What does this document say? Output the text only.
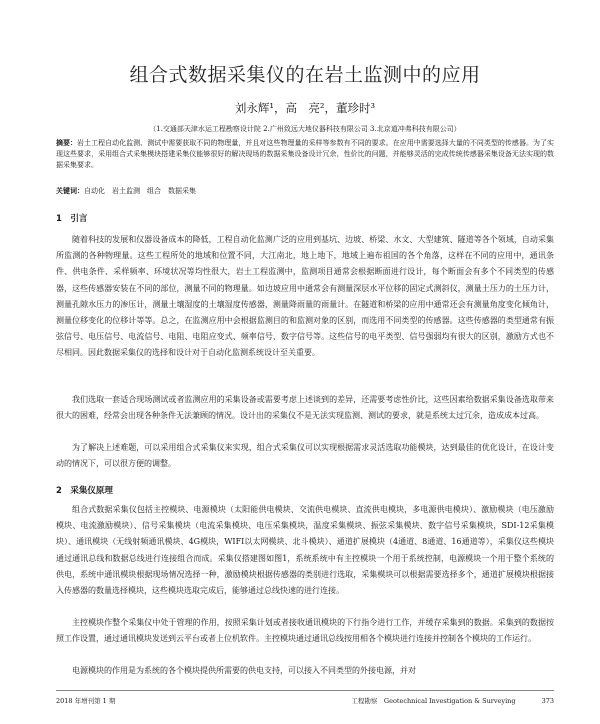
组合式数据采集仪的在岩土监测中的应用
刘永辉¹，高　亮²，董珍时³
（1.交通部天津水运工程勘察设计院 2.广州致远大地仪器科技有限公司 3.北京道冲弗科技有限公司）
摘要：岩土工程自动化监测、测试中需要获取不同的物理量，并且对这些物理量的采样等参数有不同的要求。在应用中需要选择大量的不同类型的传感器。为了实现这些要求，采用组合式采集模块搭建采集仪能够很好的解决现场的数据采集设备设计冗余，性价比的问题，并能够灵活的完成传统传感器采集设备无法实现的数据采集要求。
关键词：自动化　岩土监测　组合　数据采集
1　引言
随着科技的发展和仪器设备成本的降低，工程自动化监测广泛的应用到基坑、边坡、桥梁、水文、大型建筑、隧道等各个领域，自动采集所监测的各种物理量。这些工程所处的地域和位置不同，大江南北，地上地下，地域上遍布祖国的各个角落，这样在不同的应用中，通讯条件、供电条件、采样频率、环境状况等均性很大，岩土工程监测中，监测项目通常会根据断面进行设计，每个断面会有多个不同类型的传感器，这些传感器安装在不同的部位，测量不同的物理量。如边坡应用中通常会有测量深层水平位移的固定式测斜仪，测量土压力的土压力计，测量孔隙水压力的渗压计，测量土壤湿度的土壤湿度传感器，测量降雨量的雨量计。在隧道和桥梁的应用中通常还会有测量角度变化倾角计，测量位移变化的位移计等等。总之，在监测应用中会根据监测目的和监测对象的区别，而选用不同类型的传感器。这些传感器的类型通常有振弦信号、电压信号、电流信号、电阻、电阻应变式、频率信号、数字信号等。这些信号的电平类型、信号强弱均有很大的区别，激励方式也不尽相同。因此数据采集仪的选择和设计对于自动化监测系统设计至关重要。
我们选取一套适合现场测试或者监测应用的采集设备或需要考虑上述谈到的差异，还需要考虑性价比，这些因素给数据采集设备选取带来很大的困难，经常会出现各种条件无法兼顾的情况。设计出的采集仪不是无法实现监测、测试的要求，就是系统太过冗余，造成成本过高。
为了解决上述难题，可以采用组合式采集仪来实现，组合式采集仪可以实现根据需求灵活选取功能模块，达到最佳的优化设计，在设计变动的情况下，可以很方便的调整。
2　采集仪原理
组合式数据采集仪包括主控模块、电源模块（太阳能供电模块、交流供电模块、直流供电模块，多电源供电模块）、激励模块（电压激励模块、电流激励模块）、信号采集模块（电流采集模块、电压采集模块，温度采集模块、振弦采集模块、数字信号采集模块，SDI-12采集模块）、通讯模块（无线射频通讯模块、4G模块，WIFI以太网模块、北斗模块）、通道扩展模块（4通道、8通道、16通道等），采集仪这些模块通过通讯总线和数据总线进行连接组合而成。采集仪搭建图如图1，系统系统中有主控模块一个用于系统控制，电源模块一个用于整个系统的供电，系统中通讯模块根据现场情况选择一种，激励模块根据传感器的类别进行选取，采集模块可以根据需要选择多个，通道扩展模块根据接入传感器的数量选择模块，这些模块选取完成后，能够通过总线快速的进行连接。
主控模块作整个采集仪中处于管理的作用，按照采集计划或者接收通讯模块的下行指令进行工作，并缓存采集到的数据。采集到的数据按照工作设置，通过通讯模块发送到云平台或者上位机软件。主控模块通过通讯总线按用相各个模块进行连接并控制各个模块的工作运行。
电源模块的作用是为系统的各个模块提供所需要的供电支持，可以接入不同类型的外接电源，并对
2018 年增刊第 1 期	工程勘察　Geotechnical Investigation & Surveying	373
